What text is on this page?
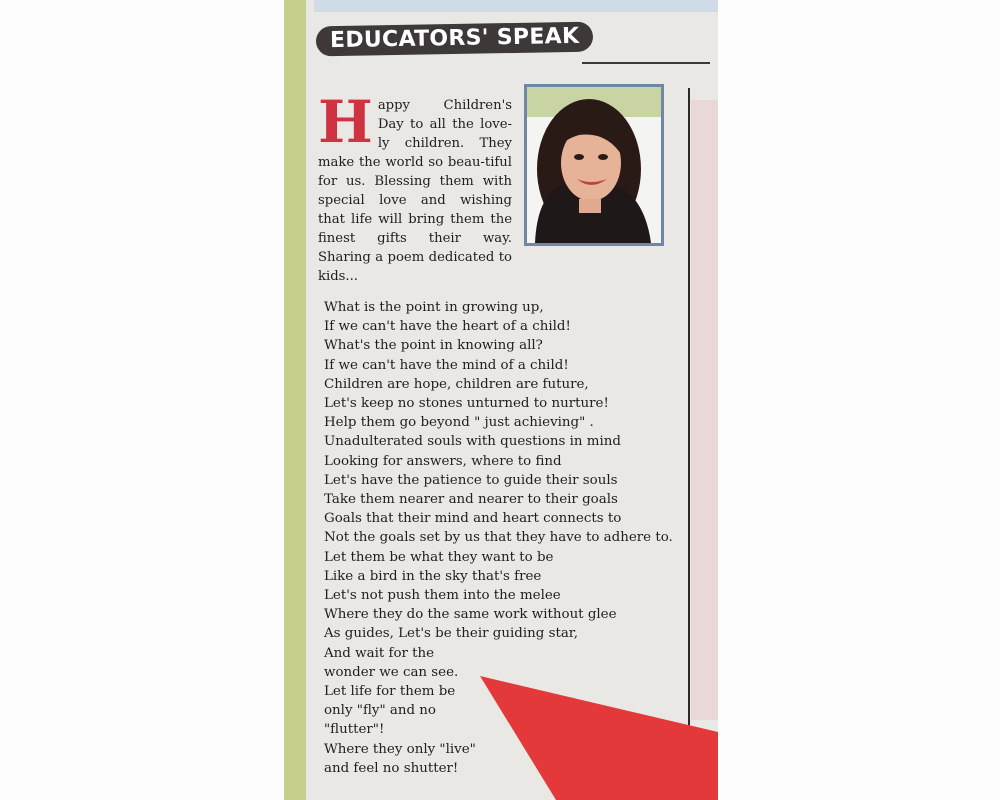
EDUCATORS' SPEAK
H appy Children's Day to all the love-ly children. They make the world so beau-tiful for us. Blessing them with special love and wishing that life will bring them the finest gifts their way. Sharing a poem dedicated to kids...
What is the point in growing up,
If we can't have the heart of a child!
What's the point in knowing all?
If we can't have the mind of a child!
Children are hope, children are future,
Let's keep no stones unturned to nurture!
Help them go beyond " just achieving" .
Unadulterated souls with questions in mind
Looking for answers, where to find
Let's have the patience to guide their souls
Take them nearer and nearer to their goals
Goals that their mind and heart connects to
Not the goals set by us that they have to adhere to.
Let them be what they want to be
Like a bird in the sky that's free
Let's not push them into the melee
Where they do the same work without glee
As guides, Let's be their guiding star,
And wait for the
wonder we can see.
Let life for them be
only "fly" and no
"flutter"!
Where they only "live"
and feel no shutter!
